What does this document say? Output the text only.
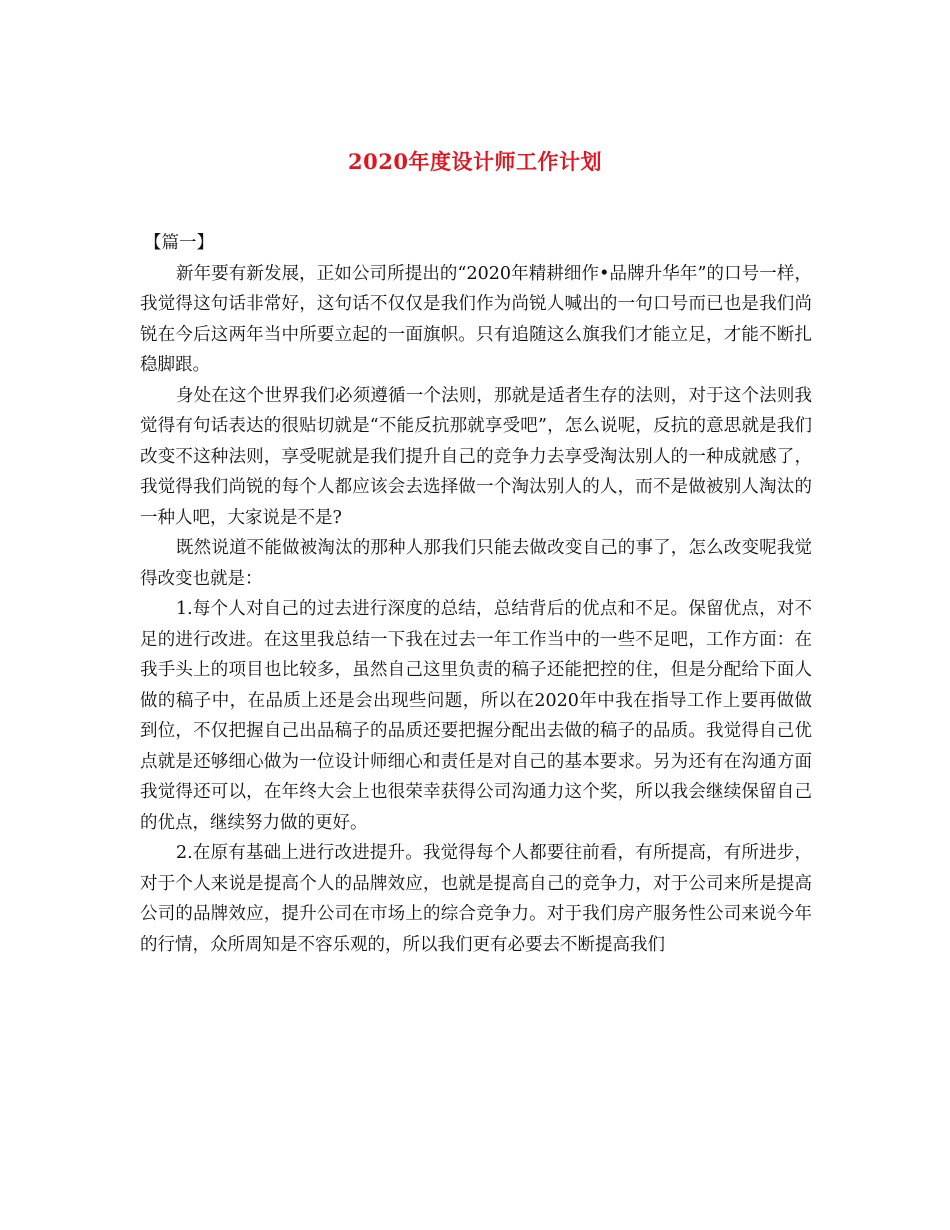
2020年度设计师工作计划

【篇一】

新年要有新发展，正如公司所提出的“2020年精耕细作•品牌升华年”的口号一样，我觉得这句话非常好，这句话不仅仅是我们作为尚锐人喊出的一句口号而已也是我们尚锐在今后这两年当中所要立起的一面旗帜。只有追随这么旗我们才能立足，才能不断扎稳脚跟。

身处在这个世界我们必须遵循一个法则，那就是适者生存的法则，对于这个法则我觉得有句话表达的很贴切就是“不能反抗那就享受吧”，怎么说呢，反抗的意思就是我们改变不这种法则，享受呢就是我们提升自己的竞争力去享受淘汰别人的一种成就感了，我觉得我们尚锐的每个人都应该会去选择做一个淘汰别人的人，而不是做被别人淘汰的一种人吧，大家说是不是?

既然说道不能做被淘汰的那种人那我们只能去做改变自己的事了，怎么改变呢我觉得改变也就是：

1.每个人对自己的过去进行深度的总结，总结背后的优点和不足。保留优点，对不足的进行改进。在这里我总结一下我在过去一年工作当中的一些不足吧，工作方面：在我手头上的项目也比较多，虽然自己这里负责的稿子还能把控的住，但是分配给下面人做的稿子中，在品质上还是会出现些问题，所以在2020年中我在指导工作上要再做做到位，不仅把握自己出品稿子的品质还要把握分配出去做的稿子的品质。我觉得自己优点就是还够细心做为一位设计师细心和责任是对自己的基本要求。另为还有在沟通方面我觉得还可以，在年终大会上也很荣幸获得公司沟通力这个奖，所以我会继续保留自己的优点，继续努力做的更好。

2.在原有基础上进行改进提升。我觉得每个人都要往前看，有所提高，有所进步，对于个人来说是提高个人的品牌效应，也就是提高自己的竞争力，对于公司来所是提高公司的品牌效应，提升公司在市场上的综合竞争力。对于我们房产服务性公司来说今年的行情，众所周知是不容乐观的，所以我们更有必要去不断提高我们
